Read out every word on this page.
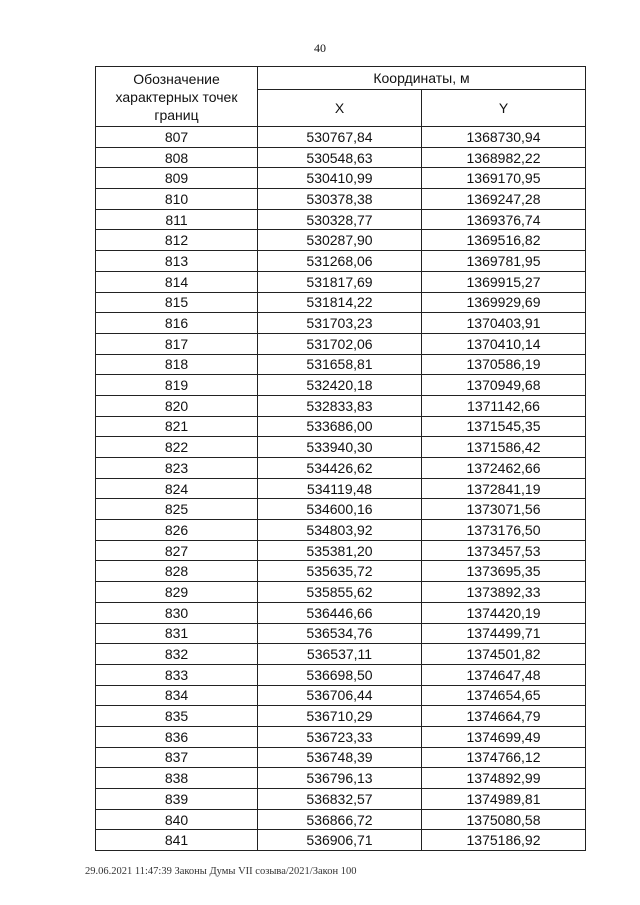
40
Обозначение характерных точек границ	Координаты, м	
	X	Y
807	530767,84	1368730,94
808	530548,63	1368982,22
809	530410,99	1369170,95
810	530378,38	1369247,28
811	530328,77	1369376,74
812	530287,90	1369516,82
813	531268,06	1369781,95
814	531817,69	1369915,27
815	531814,22	1369929,69
816	531703,23	1370403,91
817	531702,06	1370410,14
818	531658,81	1370586,19
819	532420,18	1370949,68
820	532833,83	1371142,66
821	533686,00	1371545,35
822	533940,30	1371586,42
823	534426,62	1372462,66
824	534119,48	1372841,19
825	534600,16	1373071,56
826	534803,92	1373176,50
827	535381,20	1373457,53
828	535635,72	1373695,35
829	535855,62	1373892,33
830	536446,66	1374420,19
831	536534,76	1374499,71
832	536537,11	1374501,82
833	536698,50	1374647,48
834	536706,44	1374654,65
835	536710,29	1374664,79
836	536723,33	1374699,49
837	536748,39	1374766,12
838	536796,13	1374892,99
839	536832,57	1374989,81
840	536866,72	1375080,58
841	536906,71	1375186,92
29.06.2021 11:47:39 Законы Думы VII созыва/2021/Закон 100
